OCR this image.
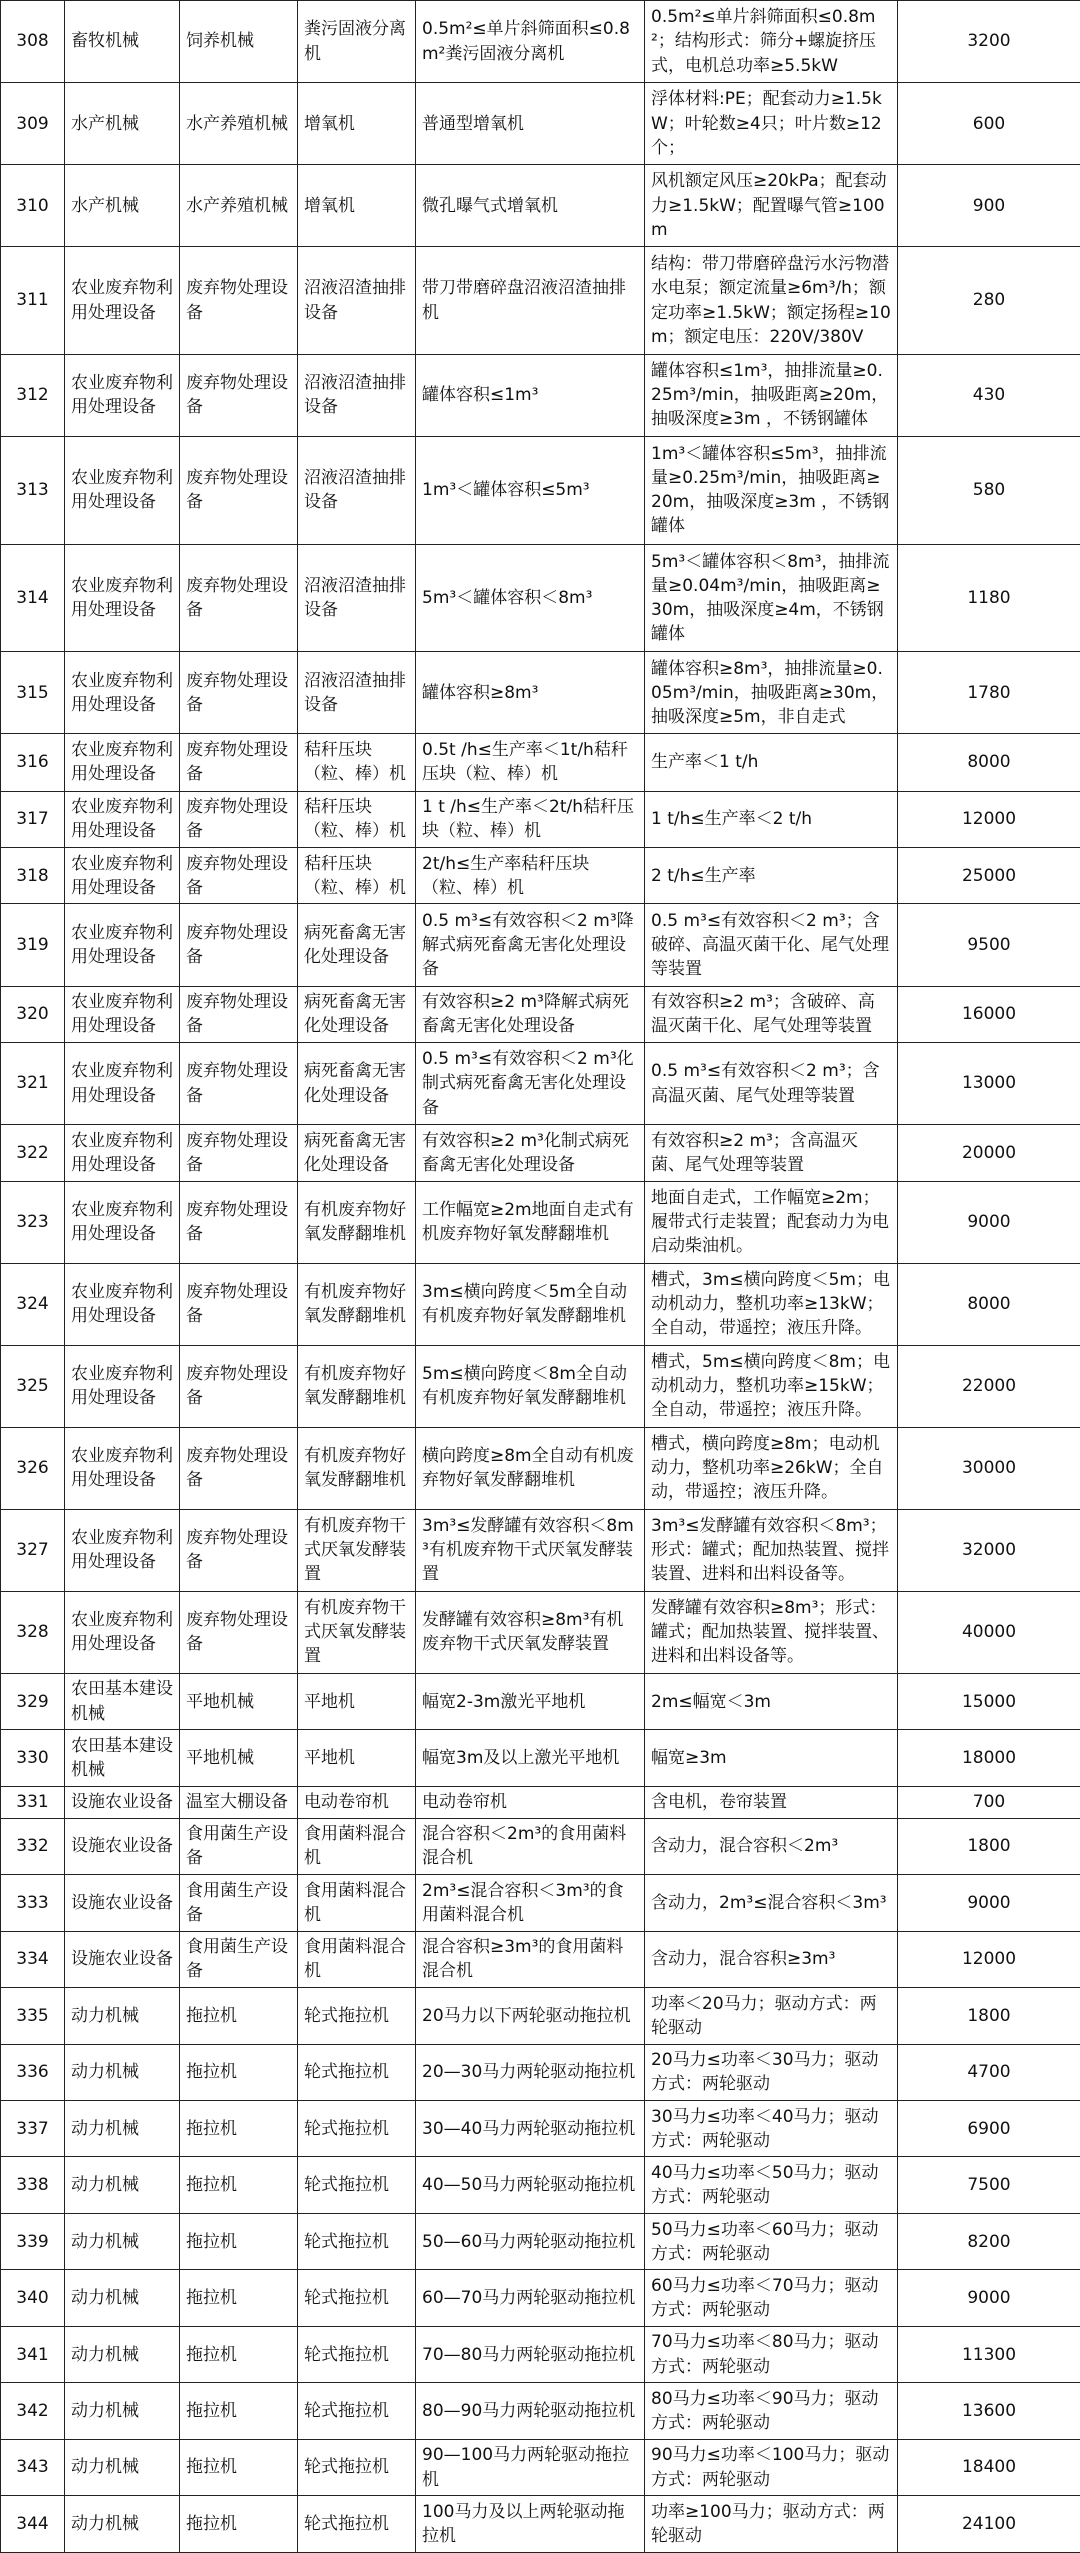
308	畜牧机械	饲养机械	粪污固液分离机	0.5m²≤单片斜筛面积≤0.8m²粪污固液分离机	0.5m²≤单片斜筛面积≤0.8m²；结构形式：筛分+螺旋挤压式，电机总功率≥5.5kW	3200
309	水产机械	水产养殖机械	增氧机	普通型增氧机	浮体材料:PE；配套动力≥1.5kW；叶轮数≥4只；叶片数≥12个；	600
310	水产机械	水产养殖机械	增氧机	微孔曝气式增氧机	风机额定风压≥20kPa；配套动力≥1.5kW；配置曝气管≥100m	900
311	农业废弃物利用处理设备	废弃物处理设备	沼液沼渣抽排设备	带刀带磨碎盘沼液沼渣抽排机	结构：带刀带磨碎盘污水污物潜水电泵；额定流量≥6m³/h；额定功率≥1.5kW；额定扬程≥10 m；额定电压：220V/380V	280
312	农业废弃物利用处理设备	废弃物处理设备	沼液沼渣抽排设备	罐体容积≤1m³	罐体容积≤1m³，抽排流量≥0.25m³/min，抽吸距离≥20m，抽吸深度≥3m ，不锈钢罐体	430
313	农业废弃物利用处理设备	废弃物处理设备	沼液沼渣抽排设备	1m³＜罐体容积≤5m³	1m³＜罐体容积≤5m³，抽排流量≥0.25m³/min，抽吸距离≥20m，抽吸深度≥3m ，不锈钢罐体	580
314	农业废弃物利用处理设备	废弃物处理设备	沼液沼渣抽排设备	5m³＜罐体容积＜8m³	5m³＜罐体容积＜8m³，抽排流量≥0.04m³/min，抽吸距离≥30m，抽吸深度≥4m，不锈钢罐体	1180
315	农业废弃物利用处理设备	废弃物处理设备	沼液沼渣抽排设备	罐体容积≥8m³	罐体容积≥8m³，抽排流量≥0.05m³/min，抽吸距离≥30m，抽吸深度≥5m，非自走式	1780
316	农业废弃物利用处理设备	废弃物处理设备	秸秆压块（粒、棒）机	0.5t /h≤生产率＜1t/h秸秆压块（粒、棒）机	生产率＜1 t/h	8000
317	农业废弃物利用处理设备	废弃物处理设备	秸秆压块（粒、棒）机	1 t /h≤生产率＜2t/h秸秆压块（粒、棒）机	1 t/h≤生产率＜2 t/h	12000
318	农业废弃物利用处理设备	废弃物处理设备	秸秆压块（粒、棒）机	2t/h≤生产率秸秆压块（粒、棒）机	2 t/h≤生产率	25000
319	农业废弃物利用处理设备	废弃物处理设备	病死畜禽无害化处理设备	0.5 m³≤有效容积＜2 m³降解式病死畜禽无害化处理设备	0.5 m³≤有效容积＜2 m³；含破碎、高温灭菌干化、尾气处理等装置	9500
320	农业废弃物利用处理设备	废弃物处理设备	病死畜禽无害化处理设备	有效容积≥2 m³降解式病死畜禽无害化处理设备	有效容积≥2 m³；含破碎、高温灭菌干化、尾气处理等装置	16000
321	农业废弃物利用处理设备	废弃物处理设备	病死畜禽无害化处理设备	0.5 m³≤有效容积＜2 m³化制式病死畜禽无害化处理设备	0.5 m³≤有效容积＜2 m³；含高温灭菌、尾气处理等装置	13000
322	农业废弃物利用处理设备	废弃物处理设备	病死畜禽无害化处理设备	有效容积≥2 m³化制式病死畜禽无害化处理设备	有效容积≥2 m³；含高温灭菌、尾气处理等装置	20000
323	农业废弃物利用处理设备	废弃物处理设备	有机废弃物好氧发酵翻堆机	工作幅宽≥2m地面自走式有机废弃物好氧发酵翻堆机	地面自走式，工作幅宽≥2m；履带式行走装置；配套动力为电启动柴油机。	9000
324	农业废弃物利用处理设备	废弃物处理设备	有机废弃物好氧发酵翻堆机	3m≤横向跨度＜5m全自动有机废弃物好氧发酵翻堆机	槽式，3m≤横向跨度＜5m；电动机动力，整机功率≥13kW；全自动，带遥控；液压升降。	8000
325	农业废弃物利用处理设备	废弃物处理设备	有机废弃物好氧发酵翻堆机	5m≤横向跨度＜8m全自动有机废弃物好氧发酵翻堆机	槽式，5m≤横向跨度＜8m；电动机动力，整机功率≥15kW；全自动，带遥控；液压升降。	22000
326	农业废弃物利用处理设备	废弃物处理设备	有机废弃物好氧发酵翻堆机	横向跨度≥8m全自动有机废弃物好氧发酵翻堆机	槽式，横向跨度≥8m；电动机动力，整机功率≥26kW；全自动，带遥控；液压升降。	30000
327	农业废弃物利用处理设备	废弃物处理设备	有机废弃物干式厌氧发酵装置	3m³≤发酵罐有效容积＜8m³有机废弃物干式厌氧发酵装置	3m³≤发酵罐有效容积＜8m³；形式：罐式；配加热装置、搅拌装置、进料和出料设备等。	32000
328	农业废弃物利用处理设备	废弃物处理设备	有机废弃物干式厌氧发酵装置	发酵罐有效容积≥8m³有机废弃物干式厌氧发酵装置	发酵罐有效容积≥8m³；形式：罐式；配加热装置、搅拌装置、进料和出料设备等。	40000
329	农田基本建设机械	平地机械	平地机	幅宽2-3m激光平地机	2m≤幅宽＜3m	15000
330	农田基本建设机械	平地机械	平地机	幅宽3m及以上激光平地机	幅宽≥3m	18000
331	设施农业设备	温室大棚设备	电动卷帘机	电动卷帘机	含电机，卷帘装置	700
332	设施农业设备	食用菌生产设备	食用菌料混合机	混合容积＜2m³的食用菌料混合机	含动力，混合容积＜2m³	1800
333	设施农业设备	食用菌生产设备	食用菌料混合机	2m³≤混合容积＜3m³的食用菌料混合机	含动力，2m³≤混合容积＜3m³	9000
334	设施农业设备	食用菌生产设备	食用菌料混合机	混合容积≥3m³的食用菌料混合机	含动力，混合容积≥3m³	12000
335	动力机械	拖拉机	轮式拖拉机	20马力以下两轮驱动拖拉机	功率＜20马力；驱动方式：两轮驱动	1800
336	动力机械	拖拉机	轮式拖拉机	20—30马力两轮驱动拖拉机	20马力≤功率＜30马力；驱动方式：两轮驱动	4700
337	动力机械	拖拉机	轮式拖拉机	30—40马力两轮驱动拖拉机	30马力≤功率＜40马力；驱动方式：两轮驱动	6900
338	动力机械	拖拉机	轮式拖拉机	40—50马力两轮驱动拖拉机	40马力≤功率＜50马力；驱动方式：两轮驱动	7500
339	动力机械	拖拉机	轮式拖拉机	50—60马力两轮驱动拖拉机	50马力≤功率＜60马力；驱动方式：两轮驱动	8200
340	动力机械	拖拉机	轮式拖拉机	60—70马力两轮驱动拖拉机	60马力≤功率＜70马力；驱动方式：两轮驱动	9000
341	动力机械	拖拉机	轮式拖拉机	70—80马力两轮驱动拖拉机	70马力≤功率＜80马力；驱动方式：两轮驱动	11300
342	动力机械	拖拉机	轮式拖拉机	80—90马力两轮驱动拖拉机	80马力≤功率＜90马力；驱动方式：两轮驱动	13600
343	动力机械	拖拉机	轮式拖拉机	90—100马力两轮驱动拖拉机	90马力≤功率＜100马力；驱动方式：两轮驱动	18400
344	动力机械	拖拉机	轮式拖拉机	100马力及以上两轮驱动拖拉机	功率≥100马力；驱动方式：两轮驱动	24100
